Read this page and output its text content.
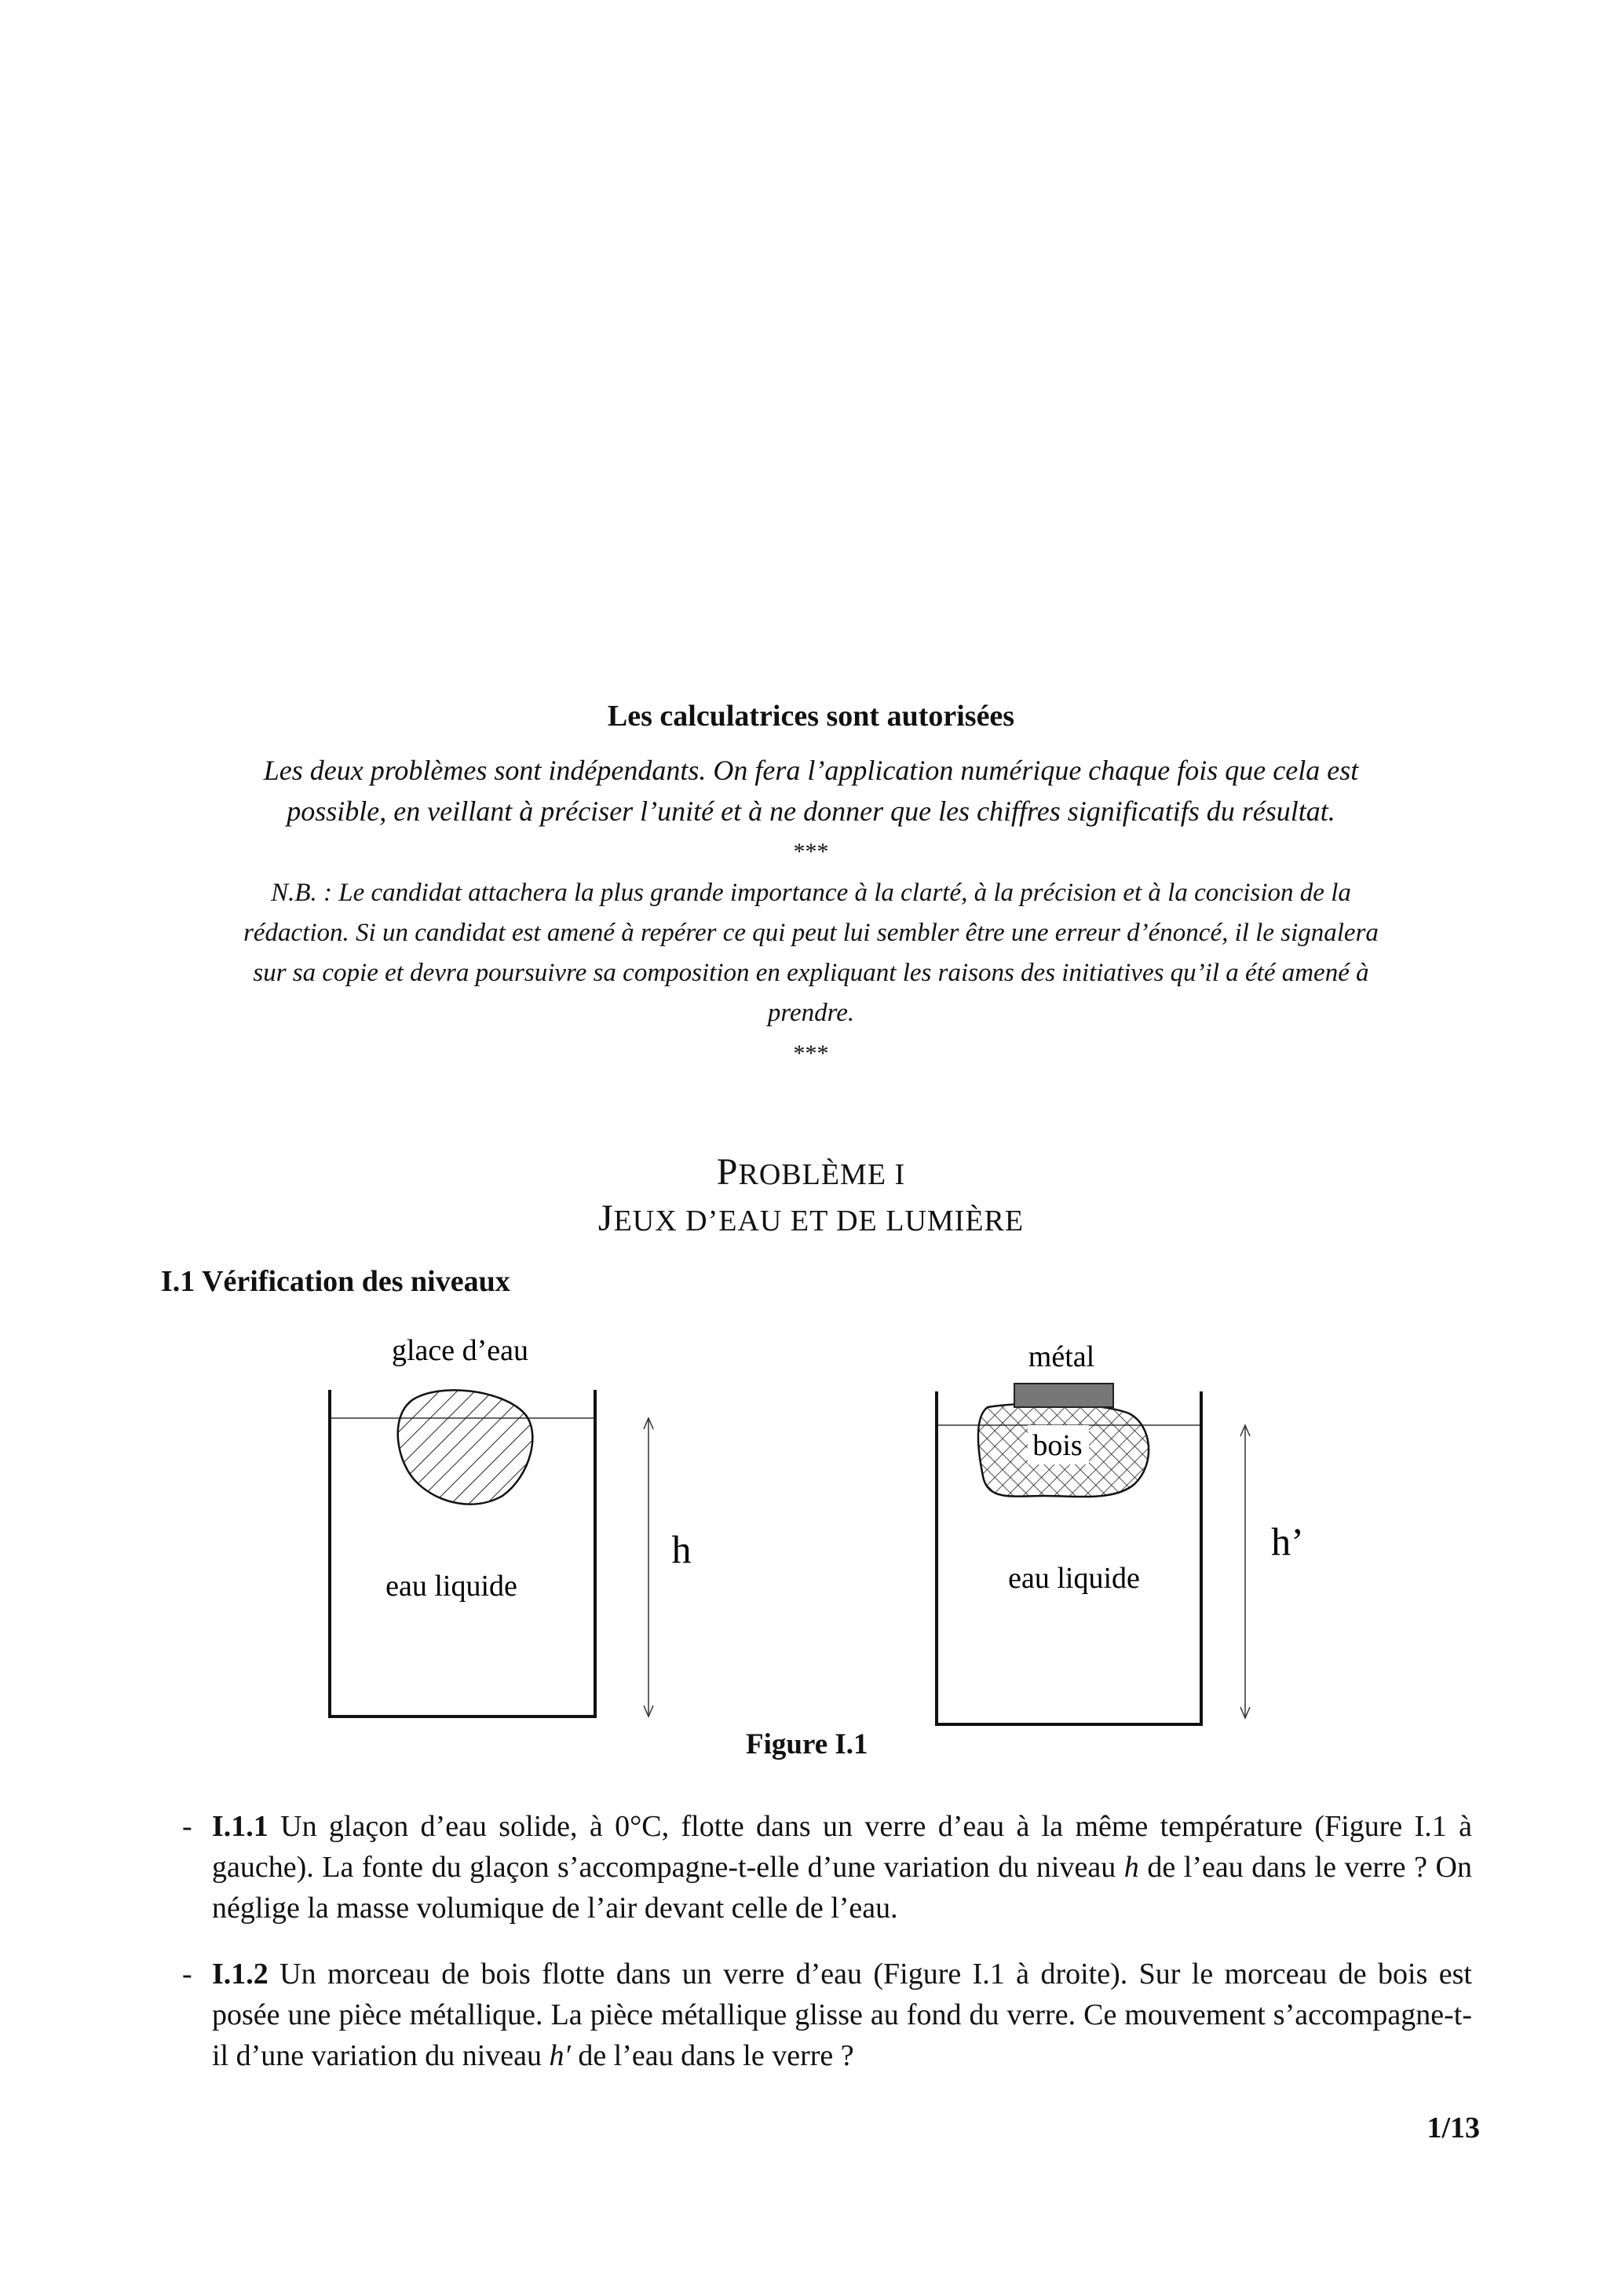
Les calculatrices sont autorisées
Les deux problèmes sont indépendants. On fera l’application numérique chaque fois que cela est
possible, en veillant à préciser l’unité et à ne donner que les chiffres significatifs du résultat.
***
N.B. : Le candidat attachera la plus grande importance à la clarté, à la précision et à la concision de la
rédaction. Si un candidat est amené à repérer ce qui peut lui sembler être une erreur d’énoncé, il le signalera
sur sa copie et devra poursuivre sa composition en expliquant les raisons des initiatives qu’il a été amené à
prendre.
***
PROBLÈME I
JEUX D’EAU ET DE LUMIÈRE
I.1 Vérification des niveaux
glace d’eau
eau liquide
h
métal
bois
eau liquide
h’
Figure I.1
- I.1.1 Un glaçon d’eau solide, à 0°C, flotte dans un verre d’eau à la même température (Figure I.1 à gauche). La fonte du glaçon s’accompagne-t-elle d’une variation du niveau h de l’eau dans le verre ? On néglige la masse volumique de l’air devant celle de l’eau.
- I.1.2 Un morceau de bois flotte dans un verre d’eau (Figure I.1 à droite). Sur le morceau de bois est posée une pièce métallique. La pièce métallique glisse au fond du verre. Ce mouvement s’accompagne-t-il d’une variation du niveau h′ de l’eau dans le verre ?
1/13
